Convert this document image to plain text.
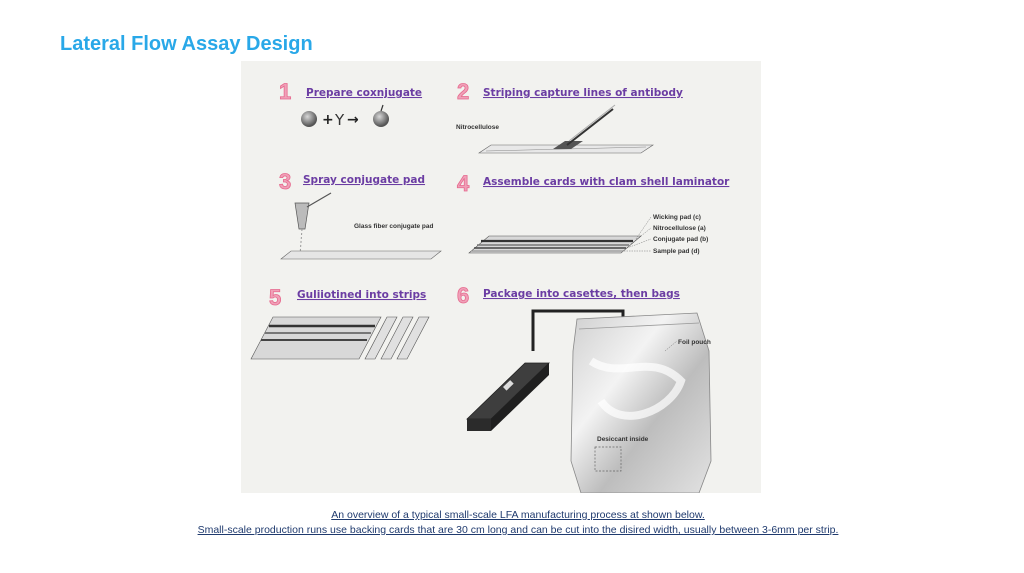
Lateral Flow Assay Design
1 Prepare coxnjugate
+ Y →
2 Striping capture lines of antibody
Nitrocellulose
3 Spray conjugate pad
Glass fiber conjugate pad
4 Assemble cards with clam shell laminator
Wicking pad (c)
Nitrocellulose (a)
Conjugate pad (b)
Sample pad (d)
5 Guliiotined into strips 6 Package into casettes, then bags
Foil pouch
Desiccant inside
An overview of a typical small-scale LFA manufacturing process at shown below.
Small-scale production runs use backing cards that are 30 cm long and can be cut into the disired width, usually between 3-6mm per strip.
